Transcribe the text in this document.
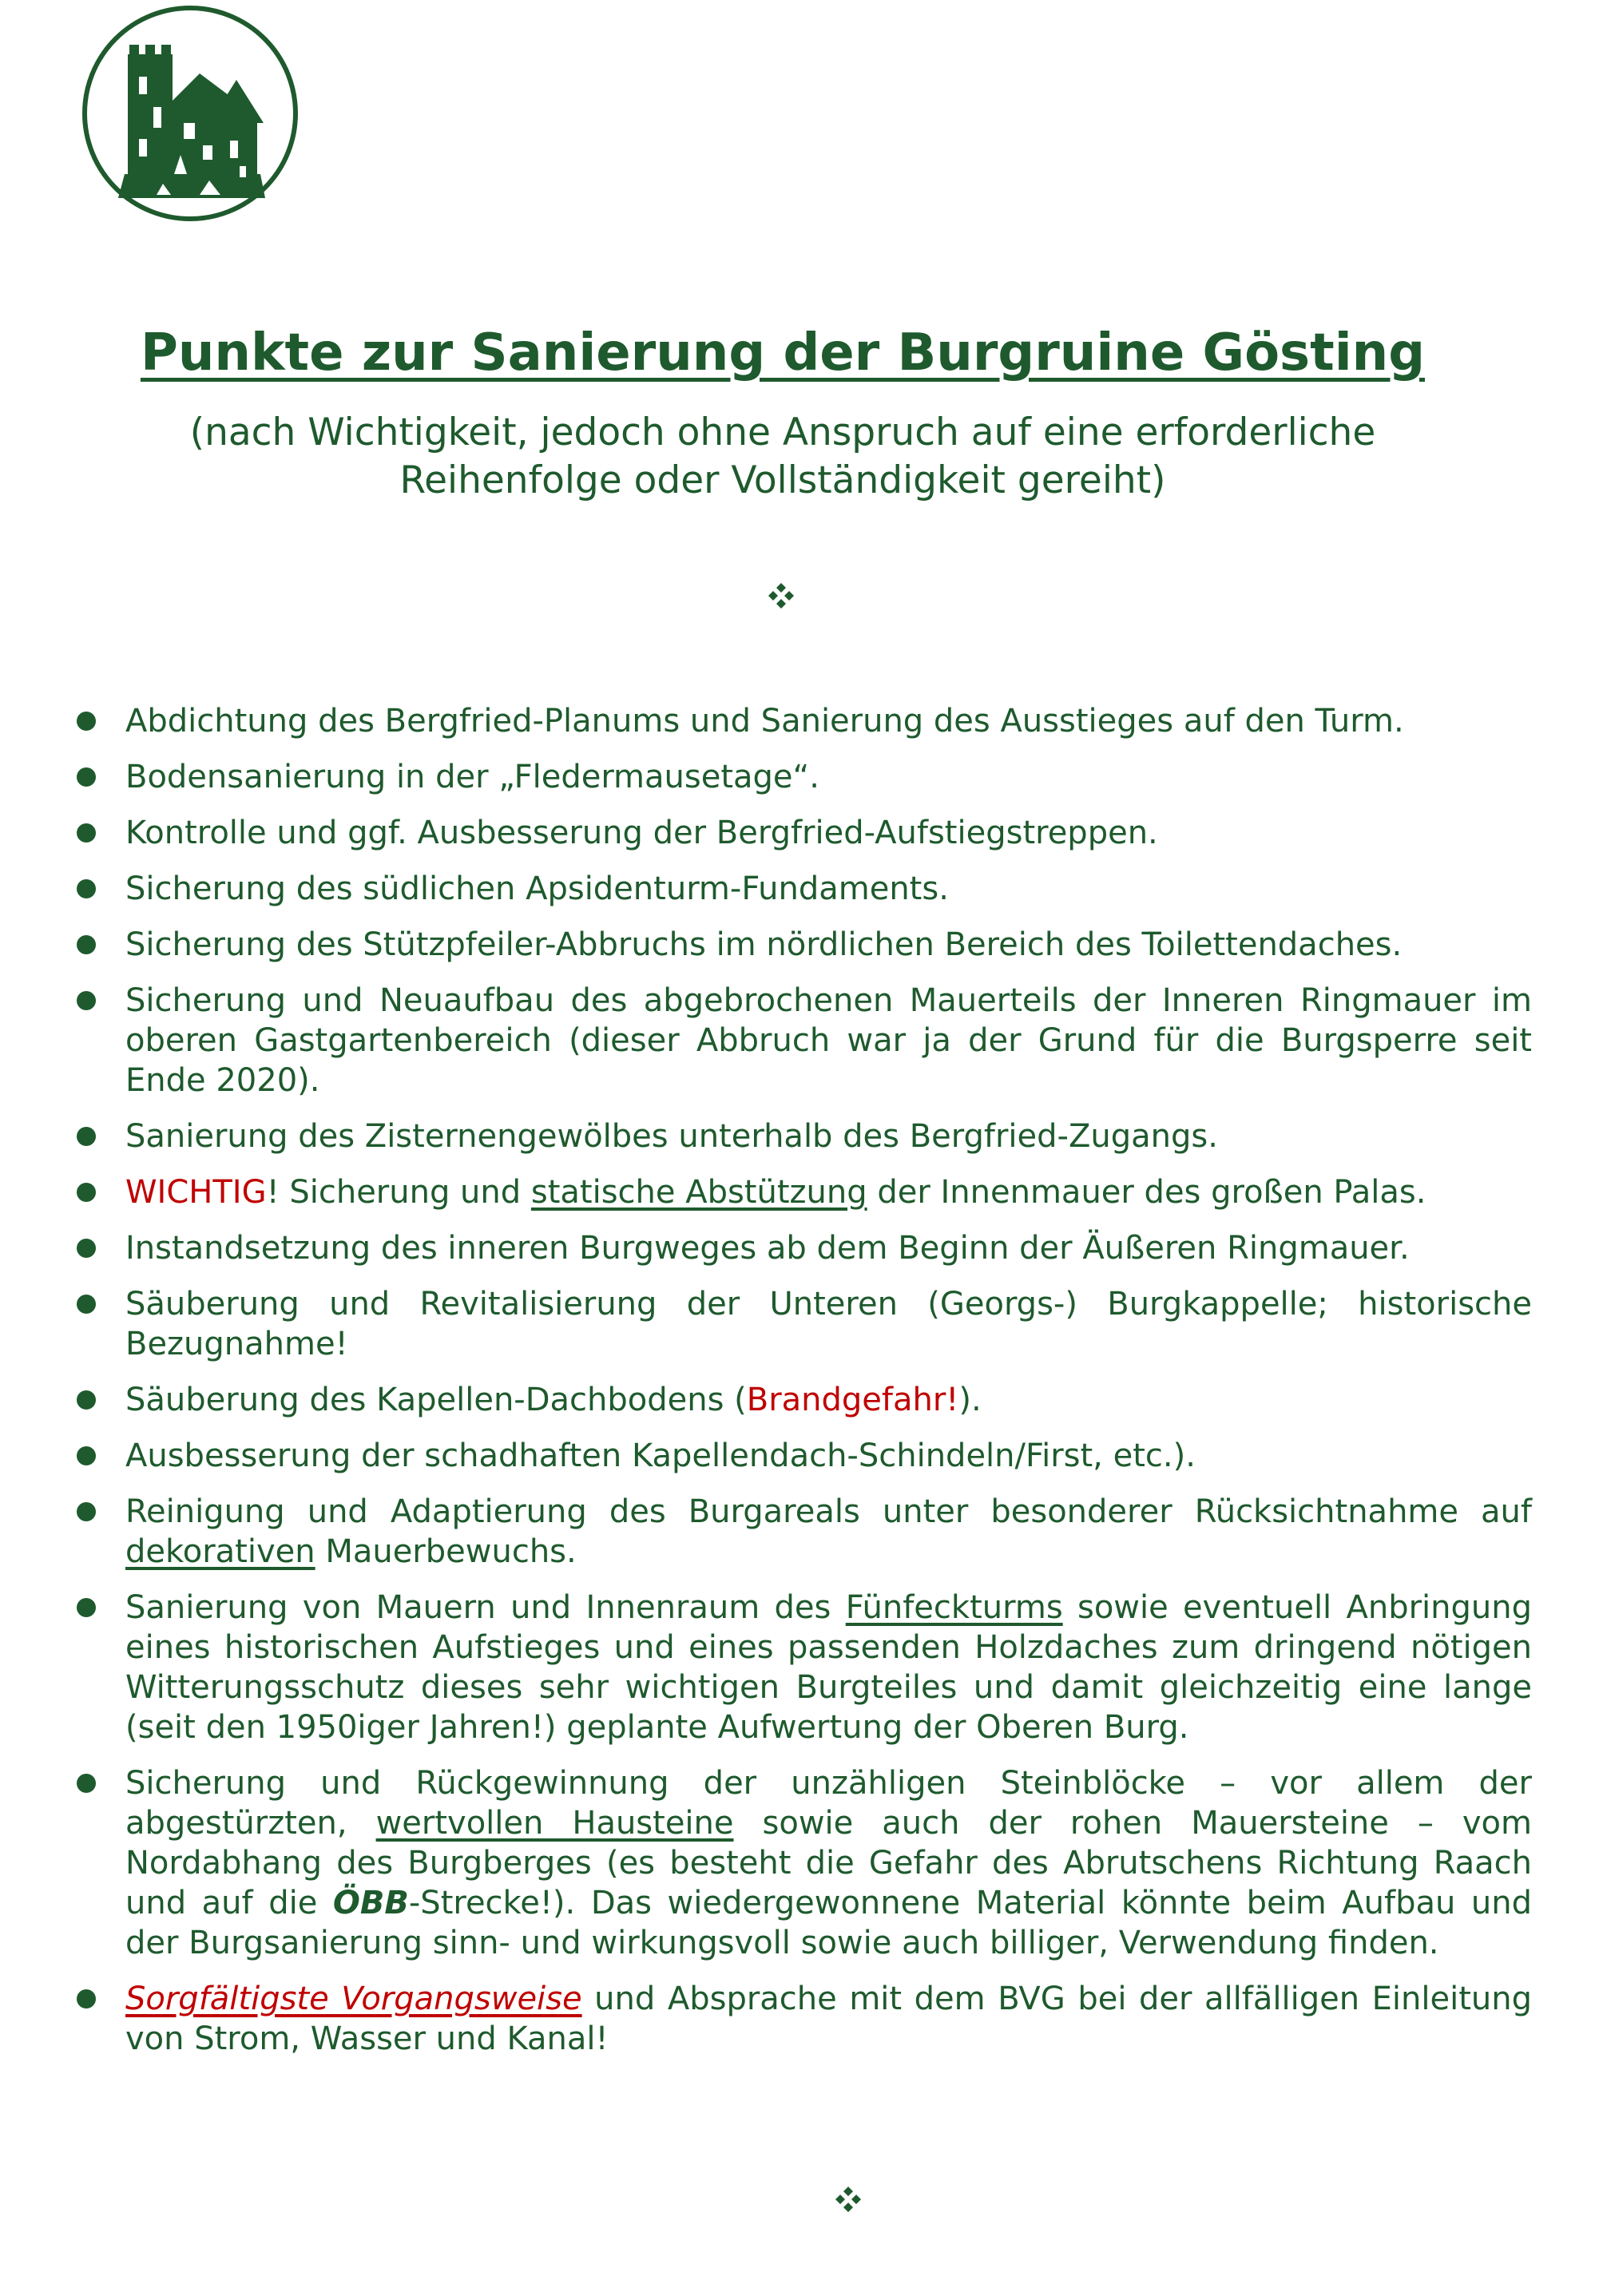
Punkte zur Sanierung der Burgruine Gösting
(nach Wichtigkeit, jedoch ohne Anspruch auf eine erforderliche
Reihenfolge oder Vollständigkeit gereiht)
Abdichtung des Bergfried-Planums und Sanierung des Ausstieges auf den Turm.
Bodensanierung in der „Fledermausetage“.
Kontrolle und ggf. Ausbesserung der Bergfried-Aufstiegstreppen.
Sicherung des südlichen Apsidenturm-Fundaments.
Sicherung des Stützpfeiler-Abbruchs im nördlichen Bereich des Toilettendaches.
Sicherung und Neuaufbau des abgebrochenen Mauerteils der Inneren Ringmauer im oberen Gastgartenbereich (dieser Abbruch war ja der Grund für die Burgsperre seit Ende 2020).
Sanierung des Zisternengewölbes unterhalb des Bergfried-Zugangs.
WICHTIG! Sicherung und statische Abstützung der Innenmauer des großen Palas.
Instandsetzung des inneren Burgweges ab dem Beginn der Äußeren Ringmauer.
Säuberung und Revitalisierung der Unteren (Georgs-) Burgkappelle; historische Bezugnahme!
Säuberung des Kapellen-Dachbodens (Brandgefahr!).
Ausbesserung der schadhaften Kapellendach-Schindeln/First, etc.).
Reinigung und Adaptierung des Burgareals unter besonderer Rücksichtnahme auf dekorativen Mauerbewuchs.
Sanierung von Mauern und Innenraum des Fünfeckturms sowie eventuell Anbringung eines historischen Aufstieges und eines passenden Holzdaches zum dringend nötigen Witterungsschutz dieses sehr wichtigen Burgteiles und damit gleichzeitig eine lange (seit den 1950iger Jahren!) geplante Aufwertung der Oberen Burg.
Sicherung und Rückgewinnung der unzähligen Steinblöcke – vor allem der abgestürzten, wertvollen Hausteine sowie auch der rohen Mauersteine – vom Nordabhang des Burgberges (es besteht die Gefahr des Abrutschens Richtung Raach und auf die ÖBB-Strecke!). Das wiedergewonnene Material könnte beim Aufbau und der Burgsanierung sinn- und wirkungsvoll sowie auch billiger, Verwendung finden.
Sorgfältigste Vorgangsweise und Absprache mit dem BVG bei der allfälligen Einleitung von Strom, Wasser und Kanal!
